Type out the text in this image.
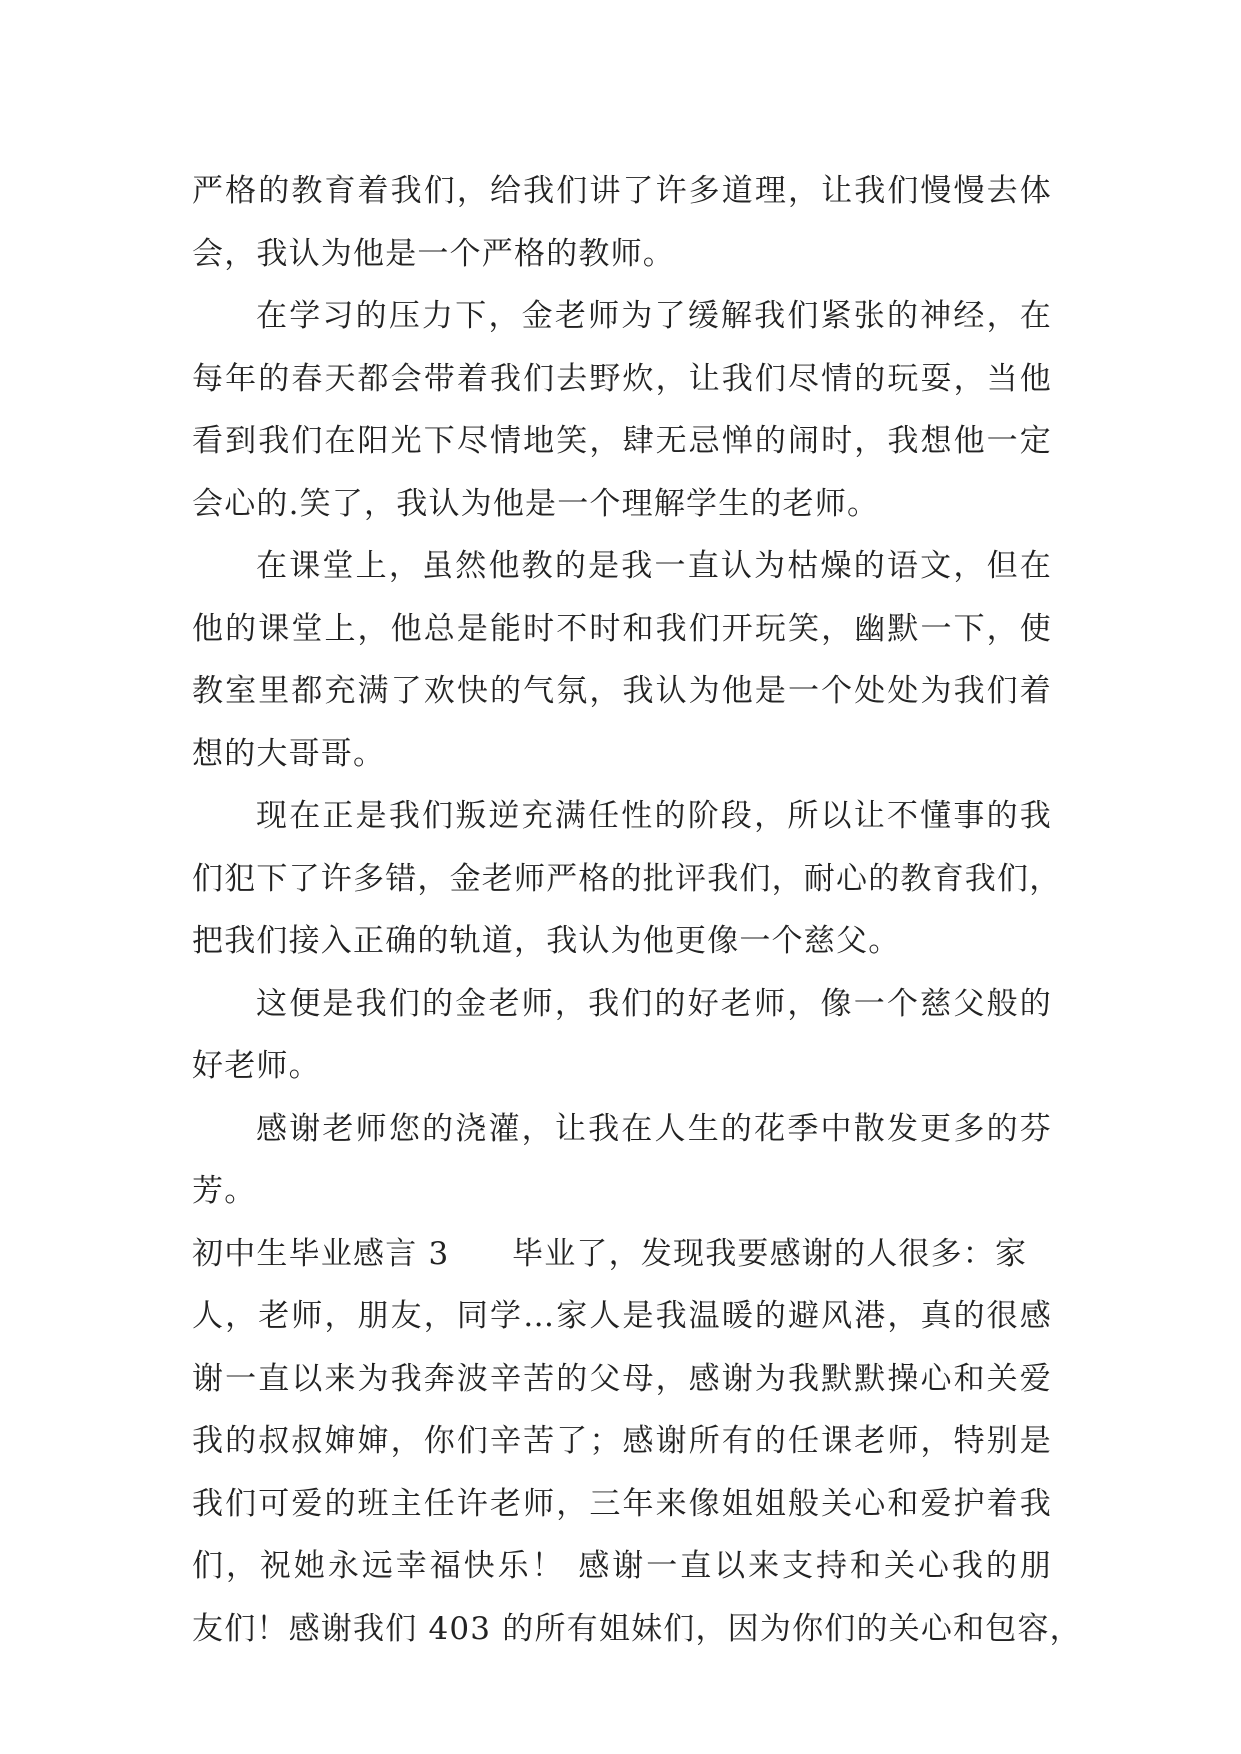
严格的教育着我们，给我们讲了许多道理，让我们慢慢去体
会，我认为他是一个严格的教师。
在学习的压力下，金老师为了缓解我们紧张的神经，在
每年的春天都会带着我们去野炊，让我们尽情的玩耍，当他
看到我们在阳光下尽情地笑，肆无忌惮的闹时，我想他一定
会心的.笑了，我认为他是一个理解学生的老师。
在课堂上，虽然他教的是我一直认为枯燥的语文，但在
他的课堂上，他总是能时不时和我们开玩笑，幽默一下，使
教室里都充满了欢快的气氛，我认为他是一个处处为我们着
想的大哥哥。
现在正是我们叛逆充满任性的阶段，所以让不懂事的我
们犯下了许多错，金老师严格的批评我们，耐心的教育我们，
把我们接入正确的轨道，我认为他更像一个慈父。
这便是我们的金老师，我们的好老师，像一个慈父般的
好老师。
感谢老师您的浇灌，让我在人生的花季中散发更多的芬
芳。
初中生毕业感言 3 毕业了，发现我要感谢的人很多：家
人，老师，朋友，同学…家人是我温暖的避风港，真的很感
谢一直以来为我奔波辛苦的父母，感谢为我默默操心和关爱
我的叔叔婶婶，你们辛苦了；感谢所有的任课老师，特别是
我们可爱的班主任许老师，三年来像姐姐般关心和爱护着我
们，祝她永远幸福快乐！ 感谢一直以来支持和关心我的朋
友们！感谢我们 403 的所有姐妹们，因为你们的关心和包容，
